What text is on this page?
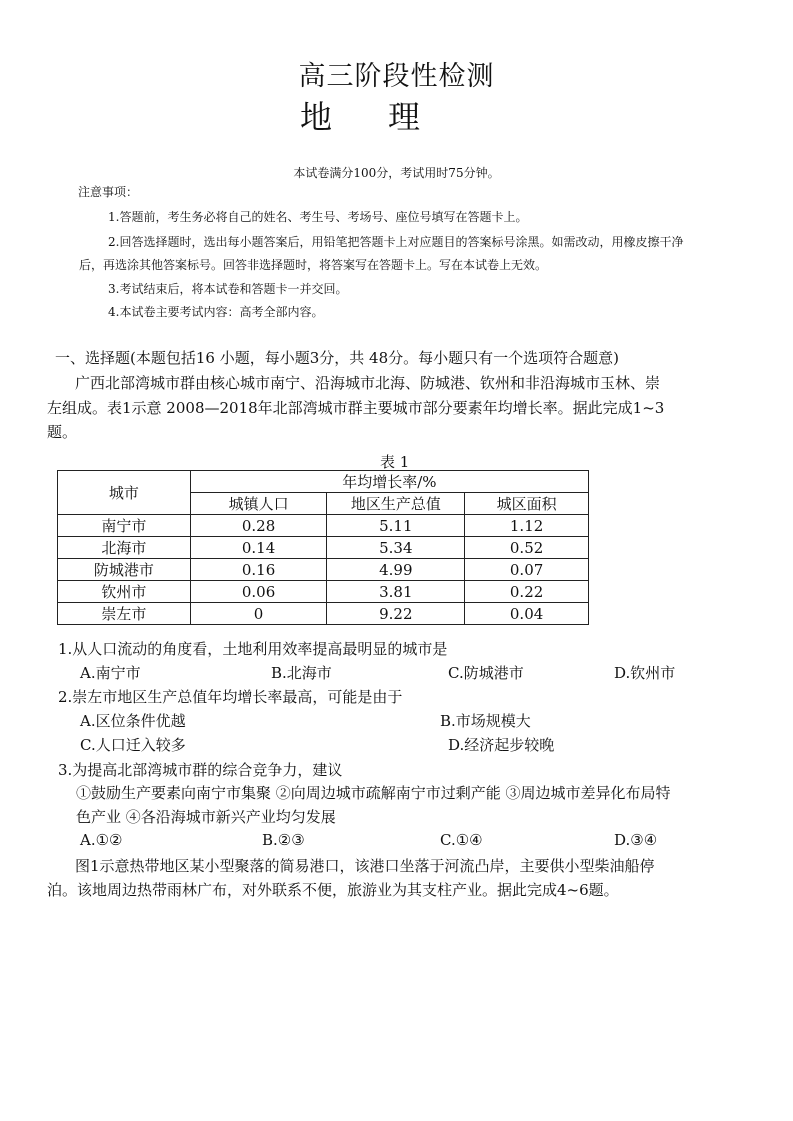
高三阶段性检测
地 理
本试卷满分100分，考试用时75分钟。
注意事项：
1.答题前，考生务必将自己的姓名、考生号、考场号、座位号填写在答题卡上。
2.回答选择题时，选出每小题答案后，用铅笔把答题卡上对应题目的答案标号涂黑。如需改动，用橡皮擦干净
后，再选涂其他答案标号。回答非选择题时，将答案写在答题卡上。写在本试卷上无效。
3.考试结束后，将本试卷和答题卡一并交回。
4.本试卷主要考试内容：高考全部内容。
一、选择题(本题包括16 小题，每小题3分，共 48分。每小题只有一个选项符合题意)
广西北部湾城市群由核心城市南宁、沿海城市北海、防城港、钦州和非沿海城市玉林、崇
左组成。表1示意 2008—2018年北部湾城市群主要城市部分要素年均增长率。据此完成1~3
题。
表 1
城市	年均增长率/%		
	城镇人口	地区生产总值	城区面积
南宁市	0.28	5.11	1.12
北海市	0.14	5.34	0.52
防城港市	0.16	4.99	0.07
钦州市	0.06	3.81	0.22
崇左市	0	9.22	0.04
1.从人口流动的角度看，土地利用效率提高最明显的城市是
A.南宁市	B.北海市	C.防城港市	D.钦州市
2.崇左市地区生产总值年均增长率最高，可能是由于
A.区位条件优越	B.市场规模大
C.人口迁入较多	D.经济起步较晚
3.为提高北部湾城市群的综合竞争力，建议
①鼓励生产要素向南宁市集聚 ②向周边城市疏解南宁市过剩产能 ③周边城市差异化布局特
色产业 ④各沿海城市新兴产业均匀发展
A.①②	B.②③	C.①④	D.③④
图1示意热带地区某小型聚落的简易港口，该港口坐落于河流凸岸，主要供小型柴油船停
泊。该地周边热带雨林广布，对外联系不便，旅游业为其支柱产业。据此完成4~6题。
